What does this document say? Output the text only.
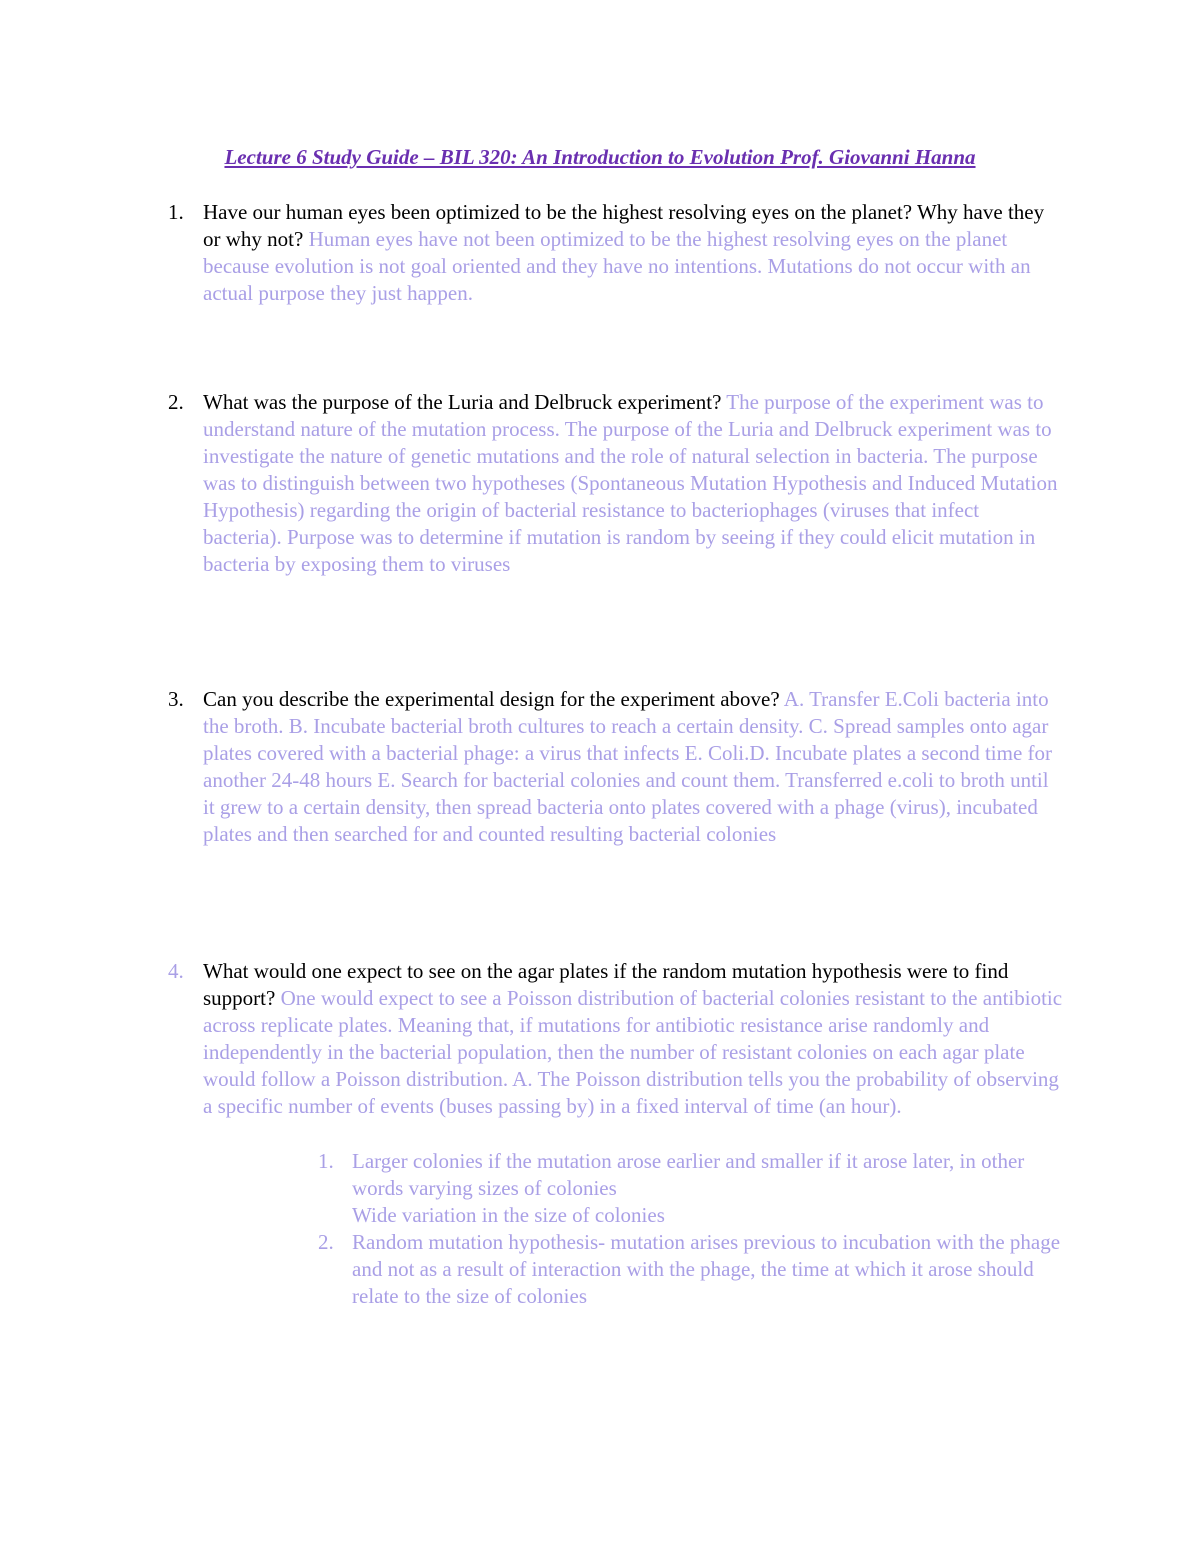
Lecture 6 Study Guide – BIL 320: An Introduction to Evolution Prof. Giovanni Hanna
1. Have our human eyes been optimized to be the highest resolving eyes on the planet? Why have they or why not? Human eyes have not been optimized to be the highest resolving eyes on the planet because evolution is not goal oriented and they have no intentions. Mutations do not occur with an actual purpose they just happen.
2. What was the purpose of the Luria and Delbruck experiment? The purpose of the experiment was to understand nature of the mutation process. The purpose of the Luria and Delbruck experiment was to investigate the nature of genetic mutations and the role of natural selection in bacteria. The purpose was to distinguish between two hypotheses (Spontaneous Mutation Hypothesis and Induced Mutation Hypothesis) regarding the origin of bacterial resistance to bacteriophages (viruses that infect bacteria). Purpose was to determine if mutation is random by seeing if they could elicit mutation in bacteria by exposing them to viruses
3. Can you describe the experimental design for the experiment above? A. Transfer E.Coli bacteria into the broth. B. Incubate bacterial broth cultures to reach a certain density. C. Spread samples onto agar plates covered with a bacterial phage: a virus that infects E. Coli.D. Incubate plates a second time for another 24-48 hours E. Search for bacterial colonies and count them. Transferred e.coli to broth until it grew to a certain density, then spread bacteria onto plates covered with a phage (virus), incubated plates and then searched for and counted resulting bacterial colonies
4. What would one expect to see on the agar plates if the random mutation hypothesis were to find support? One would expect to see a Poisson distribution of bacterial colonies resistant to the antibiotic across replicate plates. Meaning that, if mutations for antibiotic resistance arise randomly and independently in the bacterial population, then the number of resistant colonies on each agar plate would follow a Poisson distribution. A. The Poisson distribution tells you the probability of observing a specific number of events (buses passing by) in a fixed interval of time (an hour).
1. Larger colonies if the mutation arose earlier and smaller if it arose later, in other words varying sizes of colonies
Wide variation in the size of colonies
2. Random mutation hypothesis- mutation arises previous to incubation with the phage and not as a result of interaction with the phage, the time at which it arose should relate to the size of colonies
